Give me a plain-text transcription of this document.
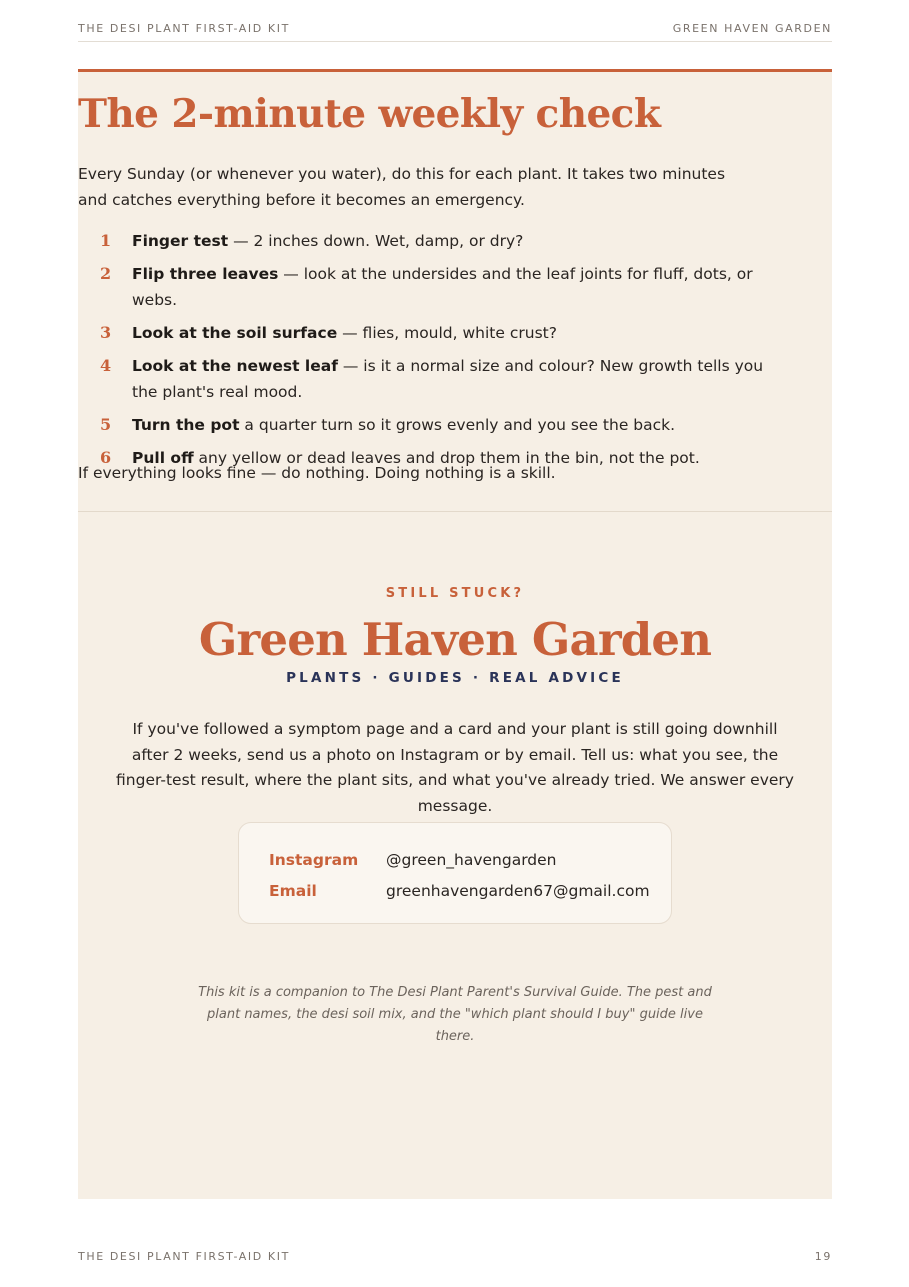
THE DESI PLANT FIRST-AID KIT	GREEN HAVEN GARDEN
The 2-minute weekly check

Every Sunday (or whenever you water), do this for each plant. It takes two minutes and catches everything before it becomes an emergency.

1 Finger test — 2 inches down. Wet, damp, or dry?
2 Flip three leaves — look at the undersides and the leaf joints for fluff, dots, or webs.
3 Look at the soil surface — flies, mould, white crust?
4 Look at the newest leaf — is it a normal size and colour? New growth tells you the plant's real mood.
5 Turn the pot a quarter turn so it grows evenly and you see the back.
6 Pull off any yellow or dead leaves and drop them in the bin, not the pot.

If everything looks fine — do nothing. Doing nothing is a skill.

STILL STUCK?
Green Haven Garden
PLANTS · GUIDES · REAL ADVICE

If you've followed a symptom page and a card and your plant is still going downhill after 2 weeks, send us a photo on Instagram or by email. Tell us: what you see, the finger-test result, where the plant sits, and what you've already tried. We answer every message.

Instagram	@green_havengarden
Email	greenhavengarden67@gmail.com

This kit is a companion to The Desi Plant Parent's Survival Guide. The pest and plant names, the desi soil mix, and the "which plant should I buy" guide live there.

THE DESI PLANT FIRST-AID KIT	19
